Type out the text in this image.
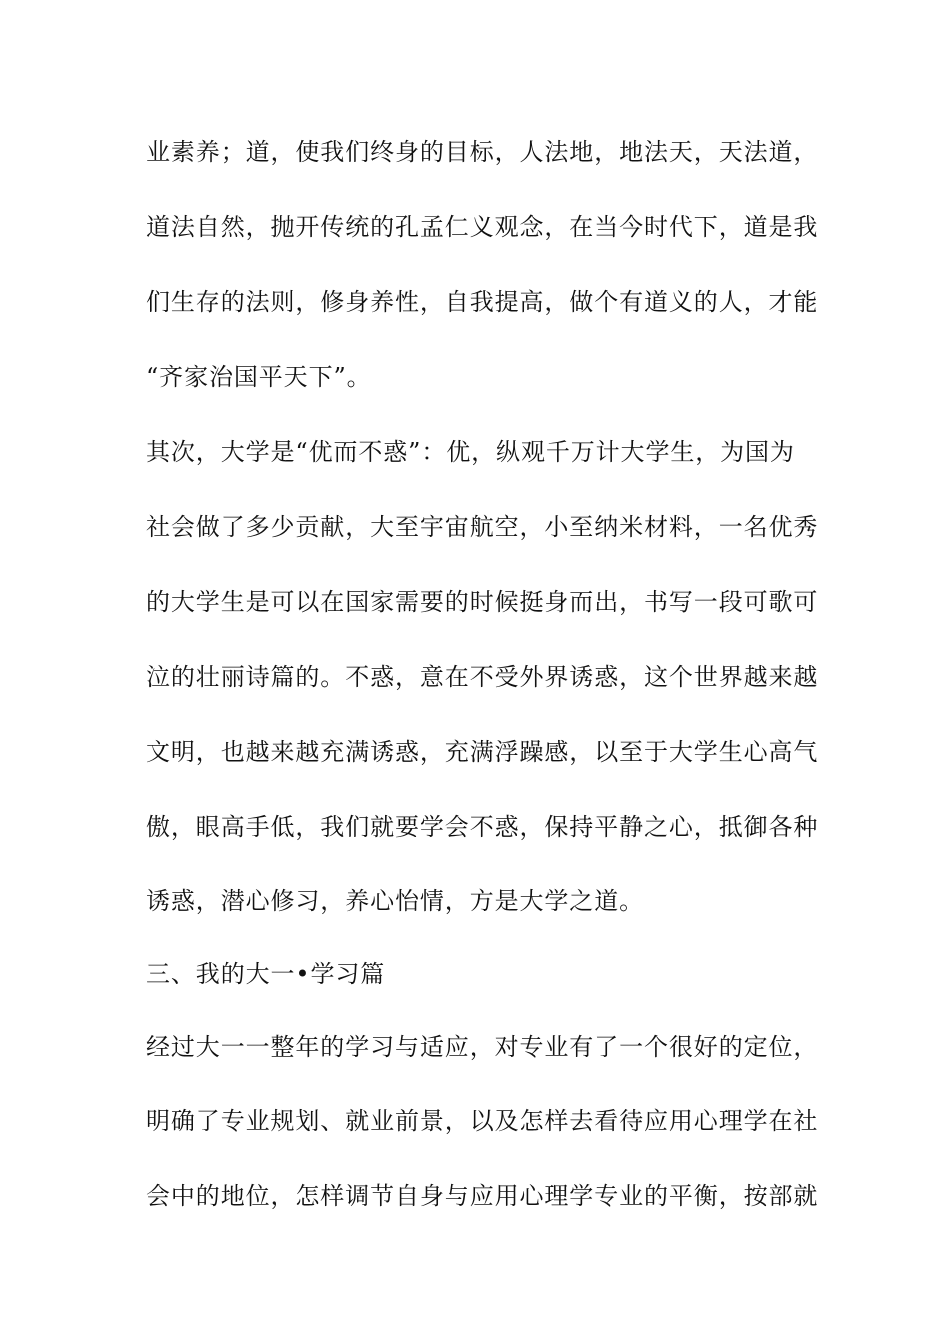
业素养；道，使我们终身的目标，人法地，地法天，天法道，
道法自然，抛开传统的孔孟仁义观念，在当今时代下，道是我
们生存的法则，修身养性，自我提高，做个有道义的人，才能
“齐家治国平天下”。
其次，大学是“优而不惑”：优，纵观千万计大学生，为国为
社会做了多少贡献，大至宇宙航空，小至纳米材料，一名优秀
的大学生是可以在国家需要的时候挺身而出，书写一段可歌可
泣的壮丽诗篇的。不惑，意在不受外界诱惑，这个世界越来越
文明，也越来越充满诱惑，充满浮躁感，以至于大学生心高气
傲，眼高手低，我们就要学会不惑，保持平静之心，抵御各种
诱惑，潜心修习，养心怡情，方是大学之道。
三、我的大一•学习篇
经过大一一整年的学习与适应，对专业有了一个很好的定位，
明确了专业规划、就业前景，以及怎样去看待应用心理学在社
会中的地位，怎样调节自身与应用心理学专业的平衡，按部就
